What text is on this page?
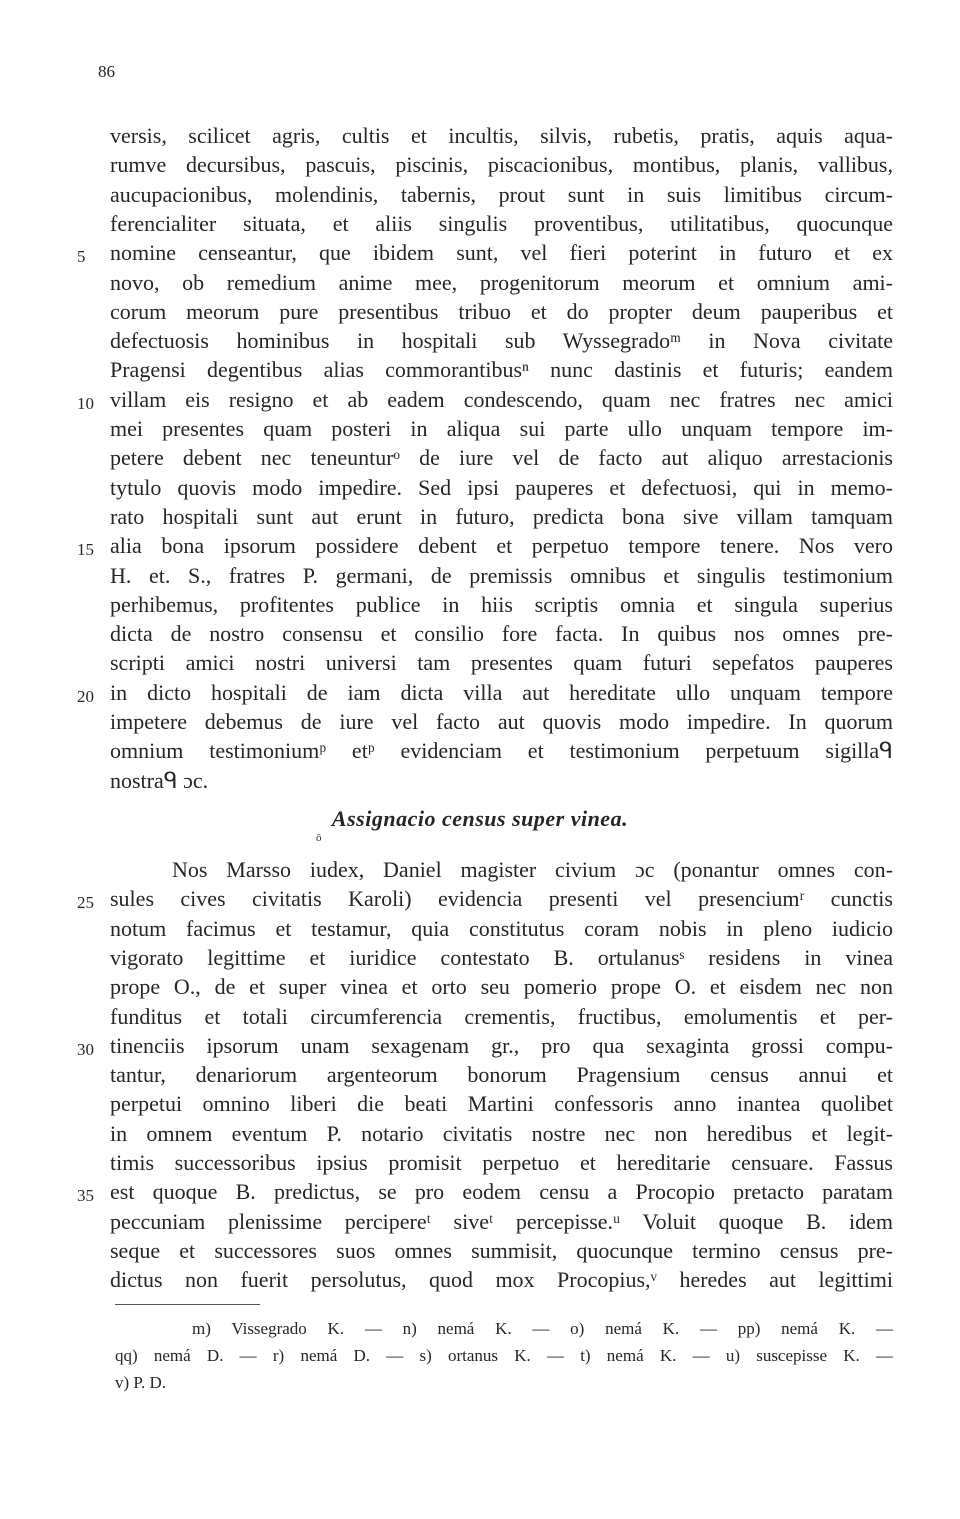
86
versis, scilicet agris, cultis et incultis, silvis, rubetis, pratis, aquis aqua-
rumve decursibus, pascuis, piscinis, piscacionibus, montibus, planis, vallibus,
aucupacionibus, molendinis, tabernis, prout sunt in suis limitibus circum-
ferencialiter situata, et aliis singulis proventibus, utilitatibus, quocunque
nomine censeantur, que ibidem sunt, vel fieri poterint in futuro et ex
novo, ob remedium anime mee, progenitorum meorum et omnium ami-
corum meorum pure presentibus tribuo et do propter deum pauperibus et
defectuosis hominibus in hospitali sub Wyssegradoᵐ in Nova civitate
Pragensi degentibus alias commorantibusⁿ nunc dastinis et futuris; eandem
villam eis resigno et ab eadem condescendo, quam nec fratres nec amici
mei presentes quam posteri in aliqua sui parte ullo unquam tempore im-
petere debent nec teneunturᵒ de iure vel de facto aut aliquo arrestacionis
tytulo quovis modo impedire. Sed ipsi pauperes et defectuosi, qui in memo-
rato hospitali sunt aut erunt in futuro, predicta bona sive villam tamquam
alia bona ipsorum possidere debent et perpetuo tempore tenere. Nos vero
H. et. S., fratres P. germani, de premissis omnibus et singulis testimonium
perhibemus, profitentes publice in hiis scriptis omnia et singula superius
dicta de nostro consensu et consilio fore facta. In quibus nos omnes pre-
scripti amici nostri universi tam presentes quam futuri sepefatos pauperes
in dicto hospitali de iam dicta villa aut hereditate ullo unquam tempore
impetere debemus de iure vel facto aut quovis modo impedire. In quorum
omnium testimoniumᵖ etᵖ evidenciam et testimonium perpetuum sigillaᑫ
nostraᑫ ɔc.
5
10
15
20
25
30
35
Assignacio census super vinea.
ō
Nos Marsso iudex, Daniel magister civium ɔc (ponantur omnes con-
sules cives civitatis Karoli) evidencia presenti vel presenciumʳ cunctis
notum facimus et testamur, quia constitutus coram nobis in pleno iudicio
vigorato legittime et iuridice contestato B. ortulanusˢ residens in vinea
prope O., de et super vinea et orto seu pomerio prope O. et eisdem nec non
funditus et totali circumferencia crementis, fructibus, emolumentis et per-
tinenciis ipsorum unam sexagenam gr., pro qua sexaginta grossi compu-
tantur, denariorum argenteorum bonorum Pragensium census annui et
perpetui omnino liberi die beati Martini confessoris anno inantea quolibet
in omnem eventum P. notario civitatis nostre nec non heredibus et legit-
timis successoribus ipsius promisit perpetuo et hereditarie censuare. Fassus
est quoque B. predictus, se pro eodem censu a Procopio pretacto paratam
peccuniam plenissime percipereᵗ siveᵗ percepisse.ᵘ Voluit quoque B. idem
seque et successores suos omnes summisit, quocunque termino census pre-
dictus non fuerit persolutus, quod mox Procopius,ᵛ heredes aut legittimi
m) Vissegrado K. — n) nemá K. — o) nemá K. — pp) nemá K. —
qq) nemá D. — r) nemá D. — s) ortanus K. — t) nemá K. — u) suscepisse K. —
v) P. D.
